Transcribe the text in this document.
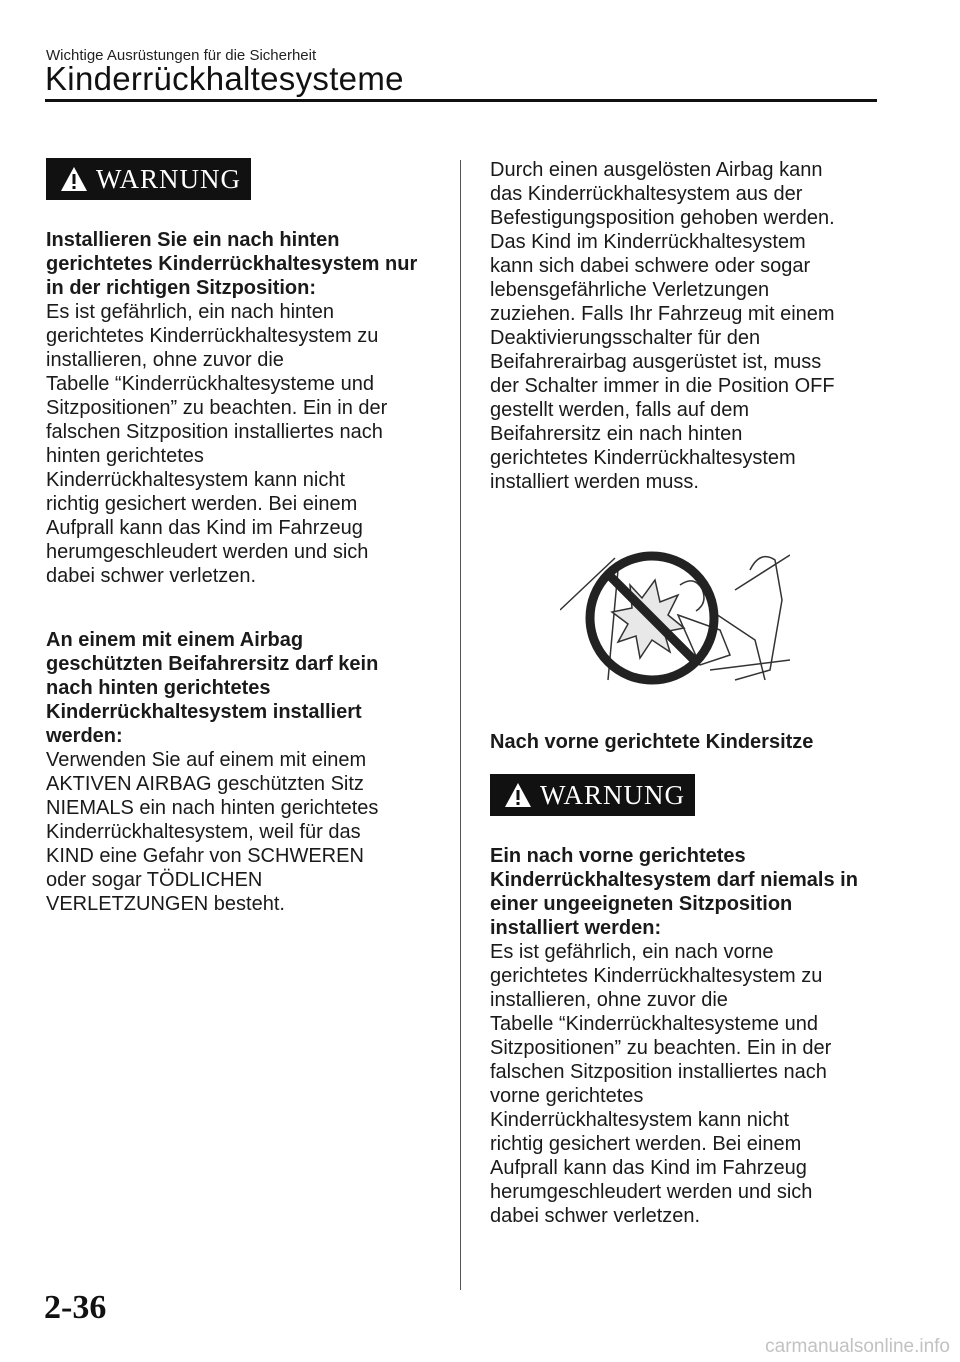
Wichtige Ausrüstungen für die Sicherheit
Kinderrückhaltesysteme
WARNUNG

Installieren Sie ein nach hinten

gerichtetes Kinderrückhaltesystem nur

in der richtigen Sitzposition:

Es ist gefährlich, ein nach hinten

gerichtetes Kinderrückhaltesystem zu

installieren, ohne zuvor die

Tabelle “Kinderrückhaltesysteme und

Sitzpositionen” zu beachten. Ein in der

falschen Sitzposition installiertes nach

hinten gerichtetes

Kinderrückhaltesystem kann nicht

richtig gesichert werden. Bei einem

Aufprall kann das Kind im Fahrzeug

herumgeschleudert werden und sich

dabei schwer verletzen.

An einem mit einem Airbag

geschützten Beifahrersitz darf kein

nach hinten gerichtetes

Kinderrückhaltesystem installiert

werden:

Verwenden Sie auf einem mit einem

AKTIVEN AIRBAG geschützten Sitz

NIEMALS ein nach hinten gerichtetes

Kinderrückhaltesystem, weil für das

KIND eine Gefahr von SCHWEREN

oder sogar TÖDLICHEN

VERLETZUNGEN besteht.

Durch einen ausgelösten Airbag kann

das Kinderrückhaltesystem aus der

Befestigungsposition gehoben werden.

Das Kind im Kinderrückhaltesystem

kann sich dabei schwere oder sogar

lebensgefährliche Verletzungen

zuziehen. Falls Ihr Fahrzeug mit einem

Deaktivierungsschalter für den

Beifahrerairbag ausgerüstet ist, muss

der Schalter immer in die Position OFF

gestellt werden, falls auf dem

Beifahrersitz ein nach hinten

gerichtetes Kinderrückhaltesystem

installiert werden muss.

Nach vorne gerichtete Kindersitze

WARNUNG

Ein nach vorne gerichtetes

Kinderrückhaltesystem darf niemals in

einer ungeeigneten Sitzposition

installiert werden:

Es ist gefährlich, ein nach vorne

gerichtetes Kinderrückhaltesystem zu

installieren, ohne zuvor die

Tabelle “Kinderrückhaltesysteme und

Sitzpositionen” zu beachten. Ein in der

falschen Sitzposition installiertes nach

vorne gerichtetes

Kinderrückhaltesystem kann nicht

richtig gesichert werden. Bei einem

Aufprall kann das Kind im Fahrzeug

herumgeschleudert werden und sich

dabei schwer verletzen.

2-36
carmanualsonline.info
